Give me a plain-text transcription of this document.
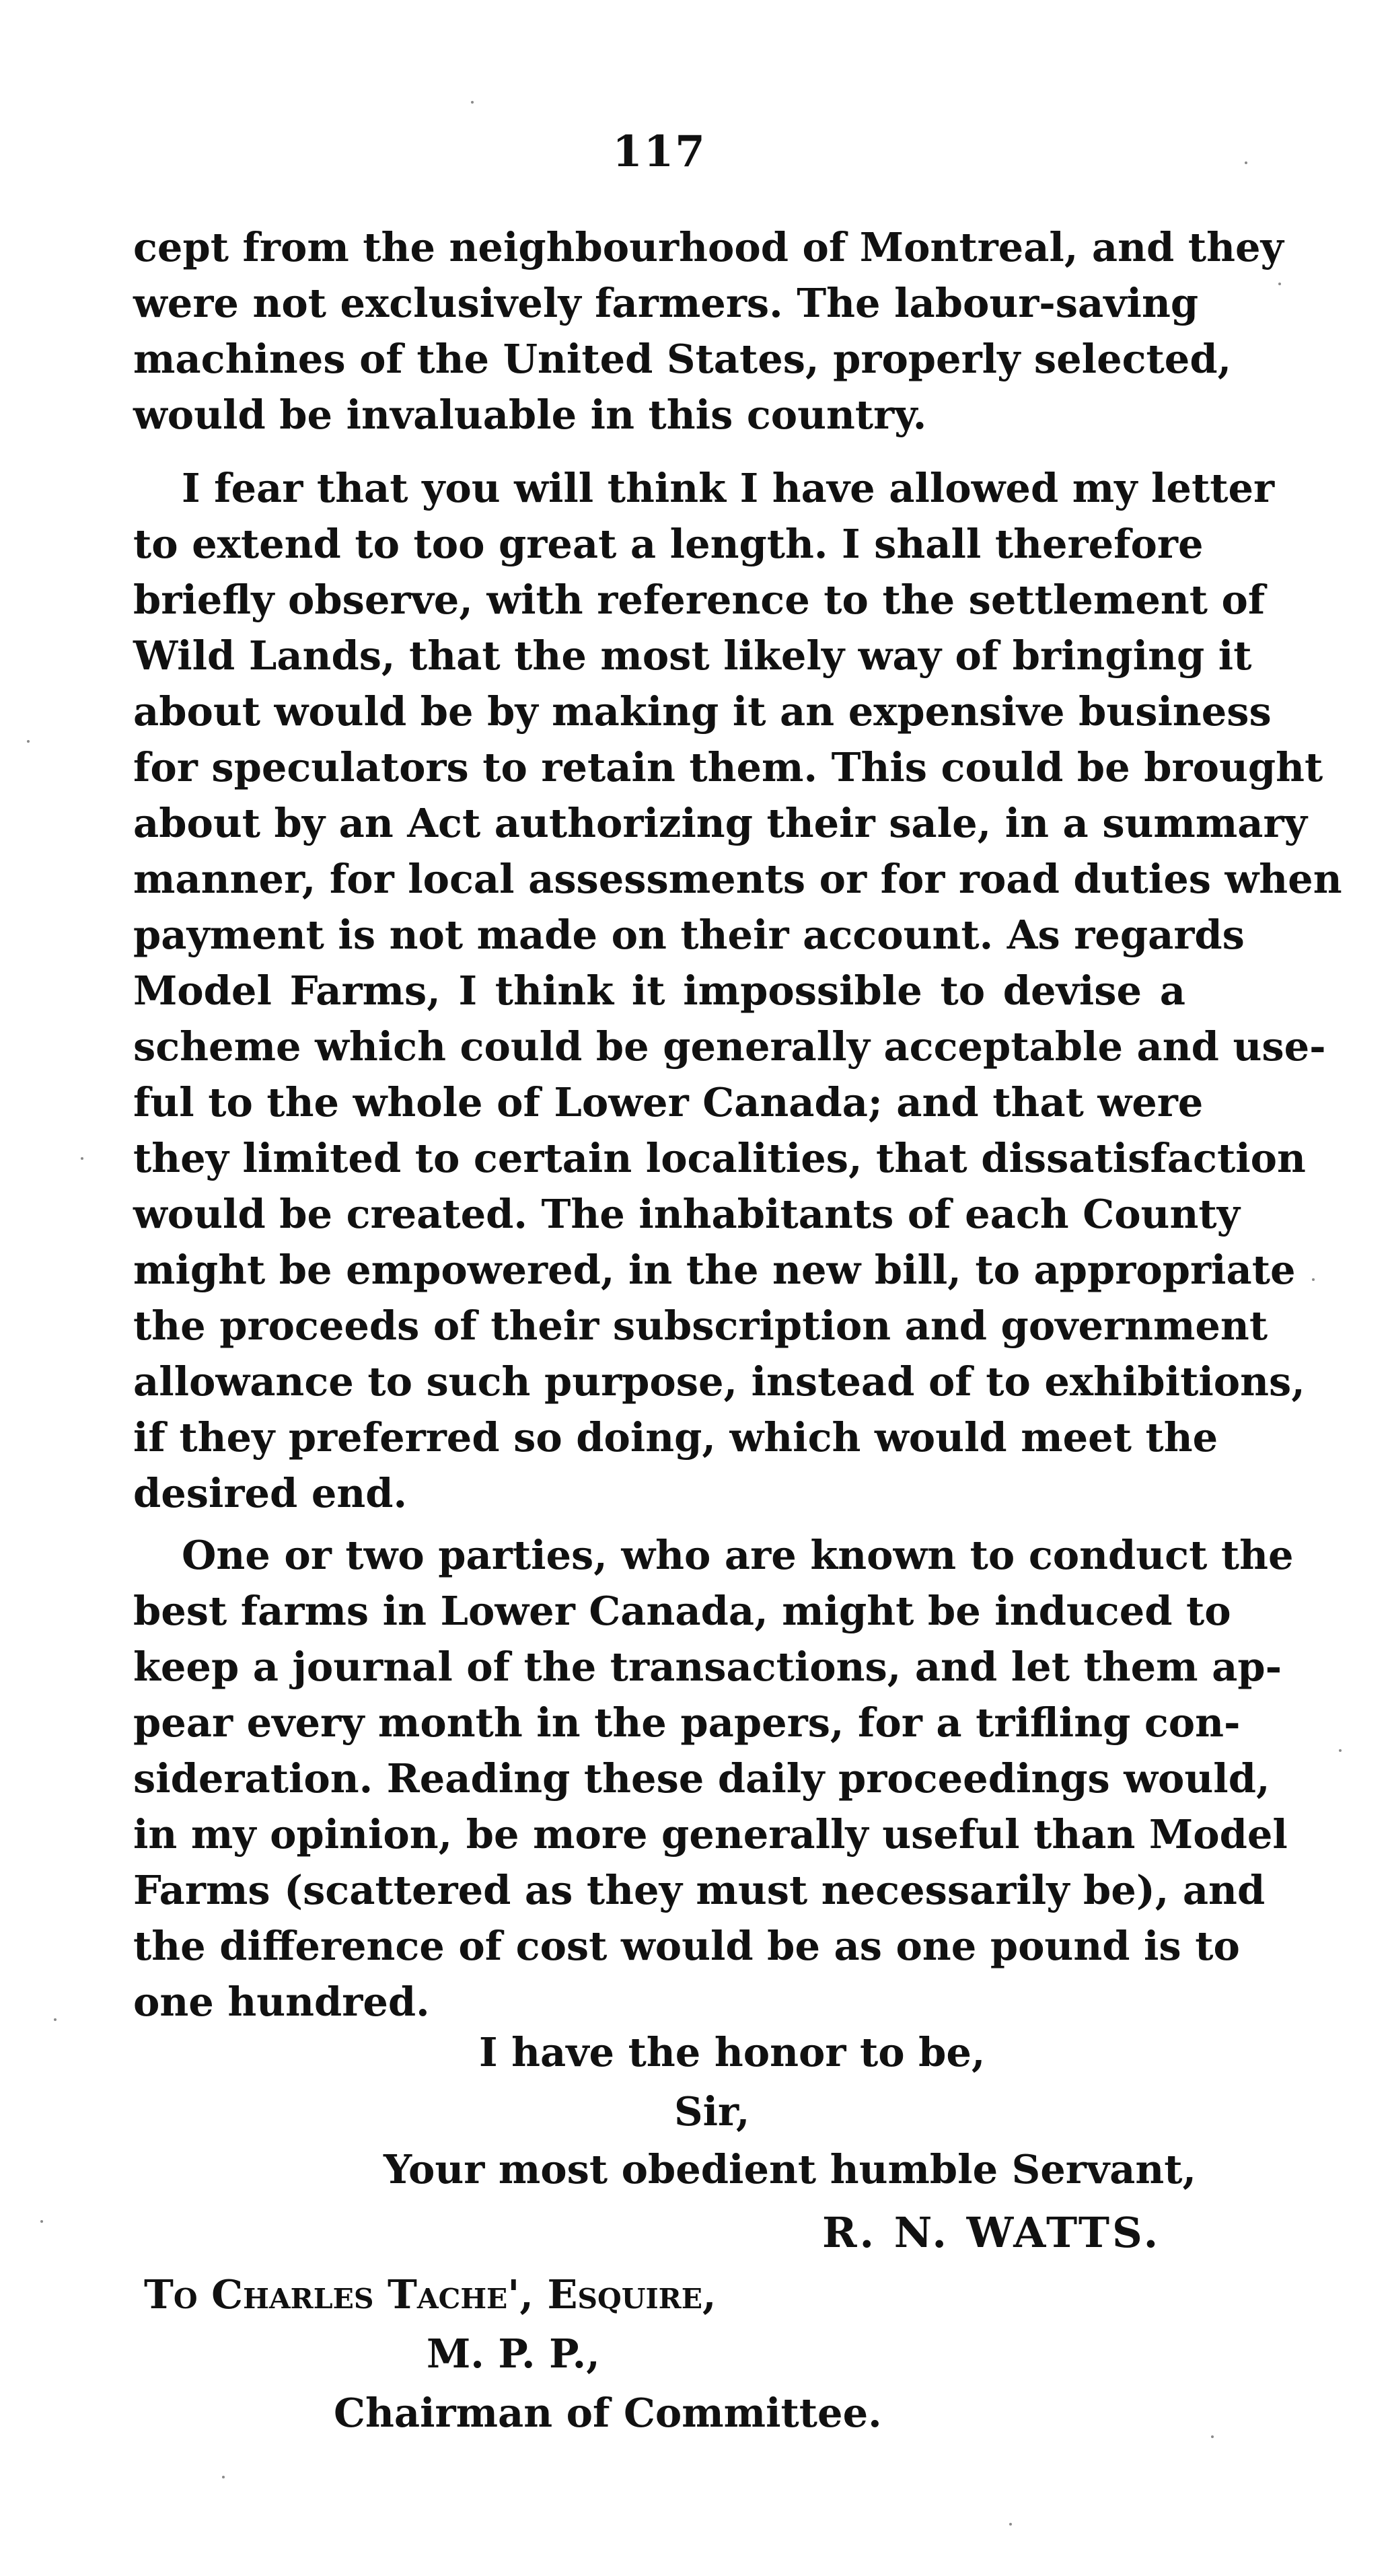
117
cept from the neighbourhood of Montreal, and they
were not exclusively farmers. The labour-saving
machines of the United States, properly selected,
would be invaluable in this country.
I fear that you will think I have allowed my letter
to extend to too great a length. I shall therefore
briefly observe, with reference to the settlement of
Wild Lands, that the most likely way of bringing it
about would be by making it an expensive business
for speculators to retain them. This could be brought
about by an Act authorizing their sale, in a summary
manner, for local assessments or for road duties when
payment is not made on their account. As regards
Model Farms, I think it impossible to devise a
scheme which could be generally acceptable and use-
ful to the whole of Lower Canada; and that were
they limited to certain localities, that dissatisfaction
would be created. The inhabitants of each County
might be empowered, in the new bill, to appropriate
the proceeds of their subscription and government
allowance to such purpose, instead of to exhibitions,
if they preferred so doing, which would meet the
desired end.
One or two parties, who are known to conduct the
best farms in Lower Canada, might be induced to
keep a journal of the transactions, and let them ap-
pear every month in the papers, for a trifling con-
sideration. Reading these daily proceedings would,
in my opinion, be more generally useful than Model
Farms (scattered as they must necessarily be), and
the difference of cost would be as one pound is to
one hundred.
I have the honor to be,
Sir,
Your most obedient humble Servant,
R. N. WATTS.
To Charles Tache', Esquire,
M. P. P.,
Chairman of Committee.
